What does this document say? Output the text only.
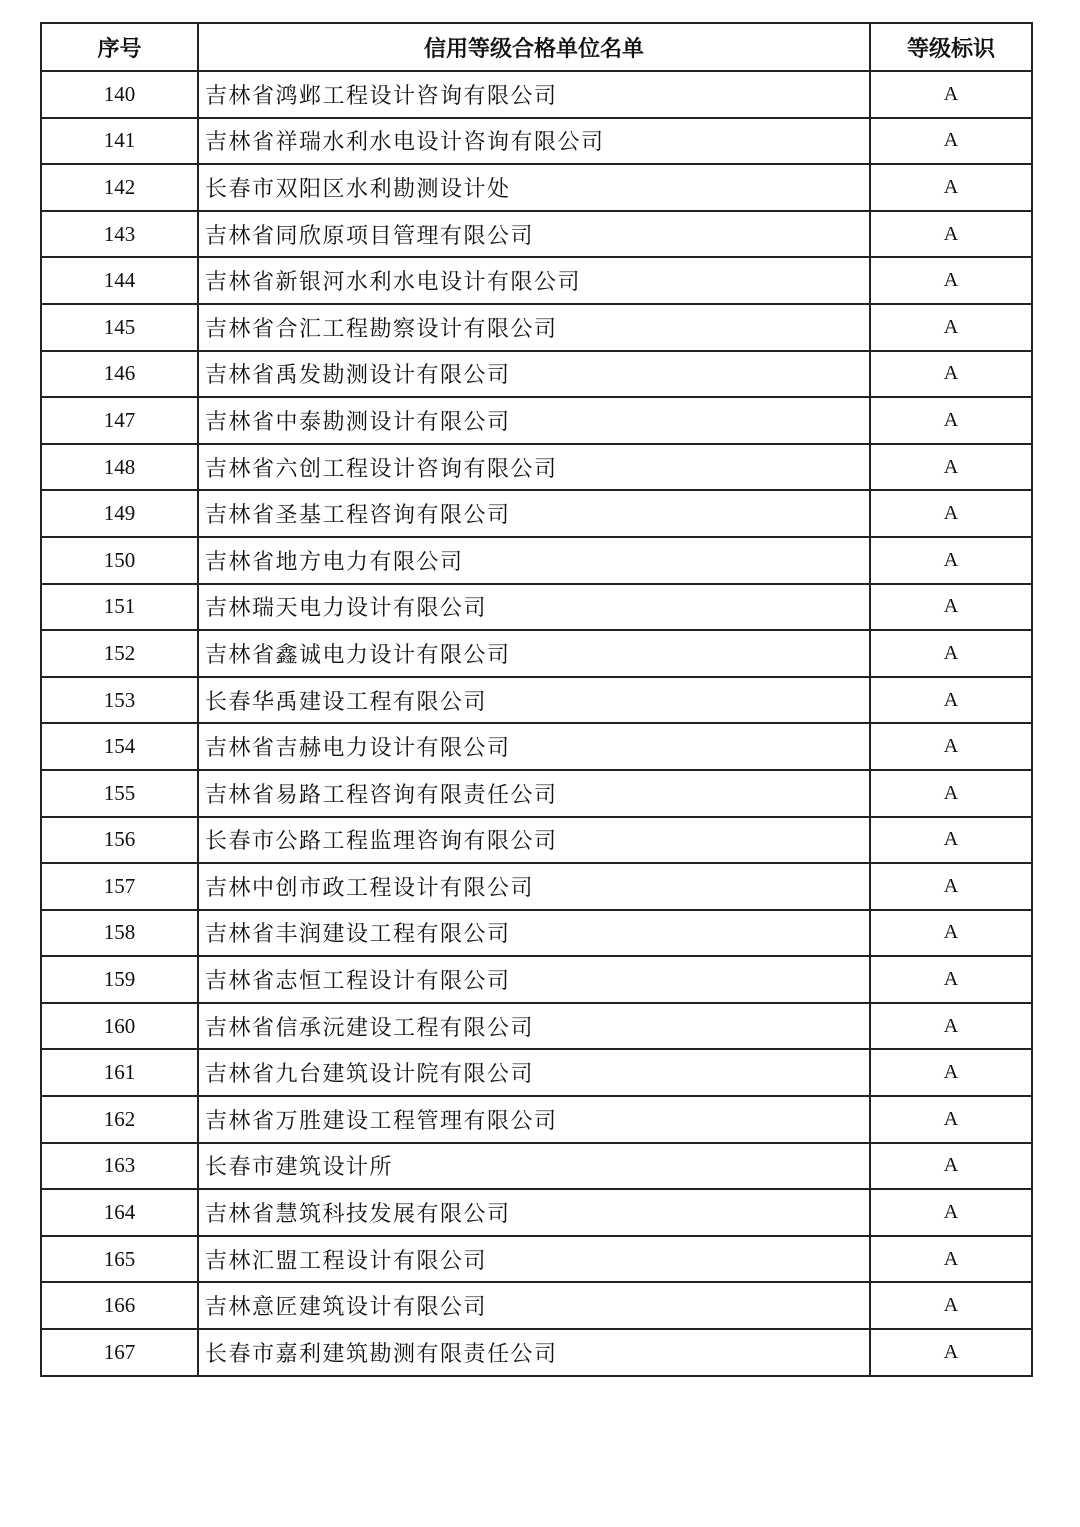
序号	信用等级合格单位名单	等级标识
140	吉林省鸿邺工程设计咨询有限公司	A
141	吉林省祥瑞水利水电设计咨询有限公司	A
142	长春市双阳区水利勘测设计处	A
143	吉林省同欣原项目管理有限公司	A
144	吉林省新银河水利水电设计有限公司	A
145	吉林省合汇工程勘察设计有限公司	A
146	吉林省禹发勘测设计有限公司	A
147	吉林省中泰勘测设计有限公司	A
148	吉林省六创工程设计咨询有限公司	A
149	吉林省圣基工程咨询有限公司	A
150	吉林省地方电力有限公司	A
151	吉林瑞天电力设计有限公司	A
152	吉林省鑫诚电力设计有限公司	A
153	长春华禹建设工程有限公司	A
154	吉林省吉赫电力设计有限公司	A
155	吉林省易路工程咨询有限责任公司	A
156	长春市公路工程监理咨询有限公司	A
157	吉林中创市政工程设计有限公司	A
158	吉林省丰润建设工程有限公司	A
159	吉林省志恒工程设计有限公司	A
160	吉林省信承沅建设工程有限公司	A
161	吉林省九台建筑设计院有限公司	A
162	吉林省万胜建设工程管理有限公司	A
163	长春市建筑设计所	A
164	吉林省慧筑科技发展有限公司	A
165	吉林汇盟工程设计有限公司	A
166	吉林意匠建筑设计有限公司	A
167	长春市嘉利建筑勘测有限责任公司	A
